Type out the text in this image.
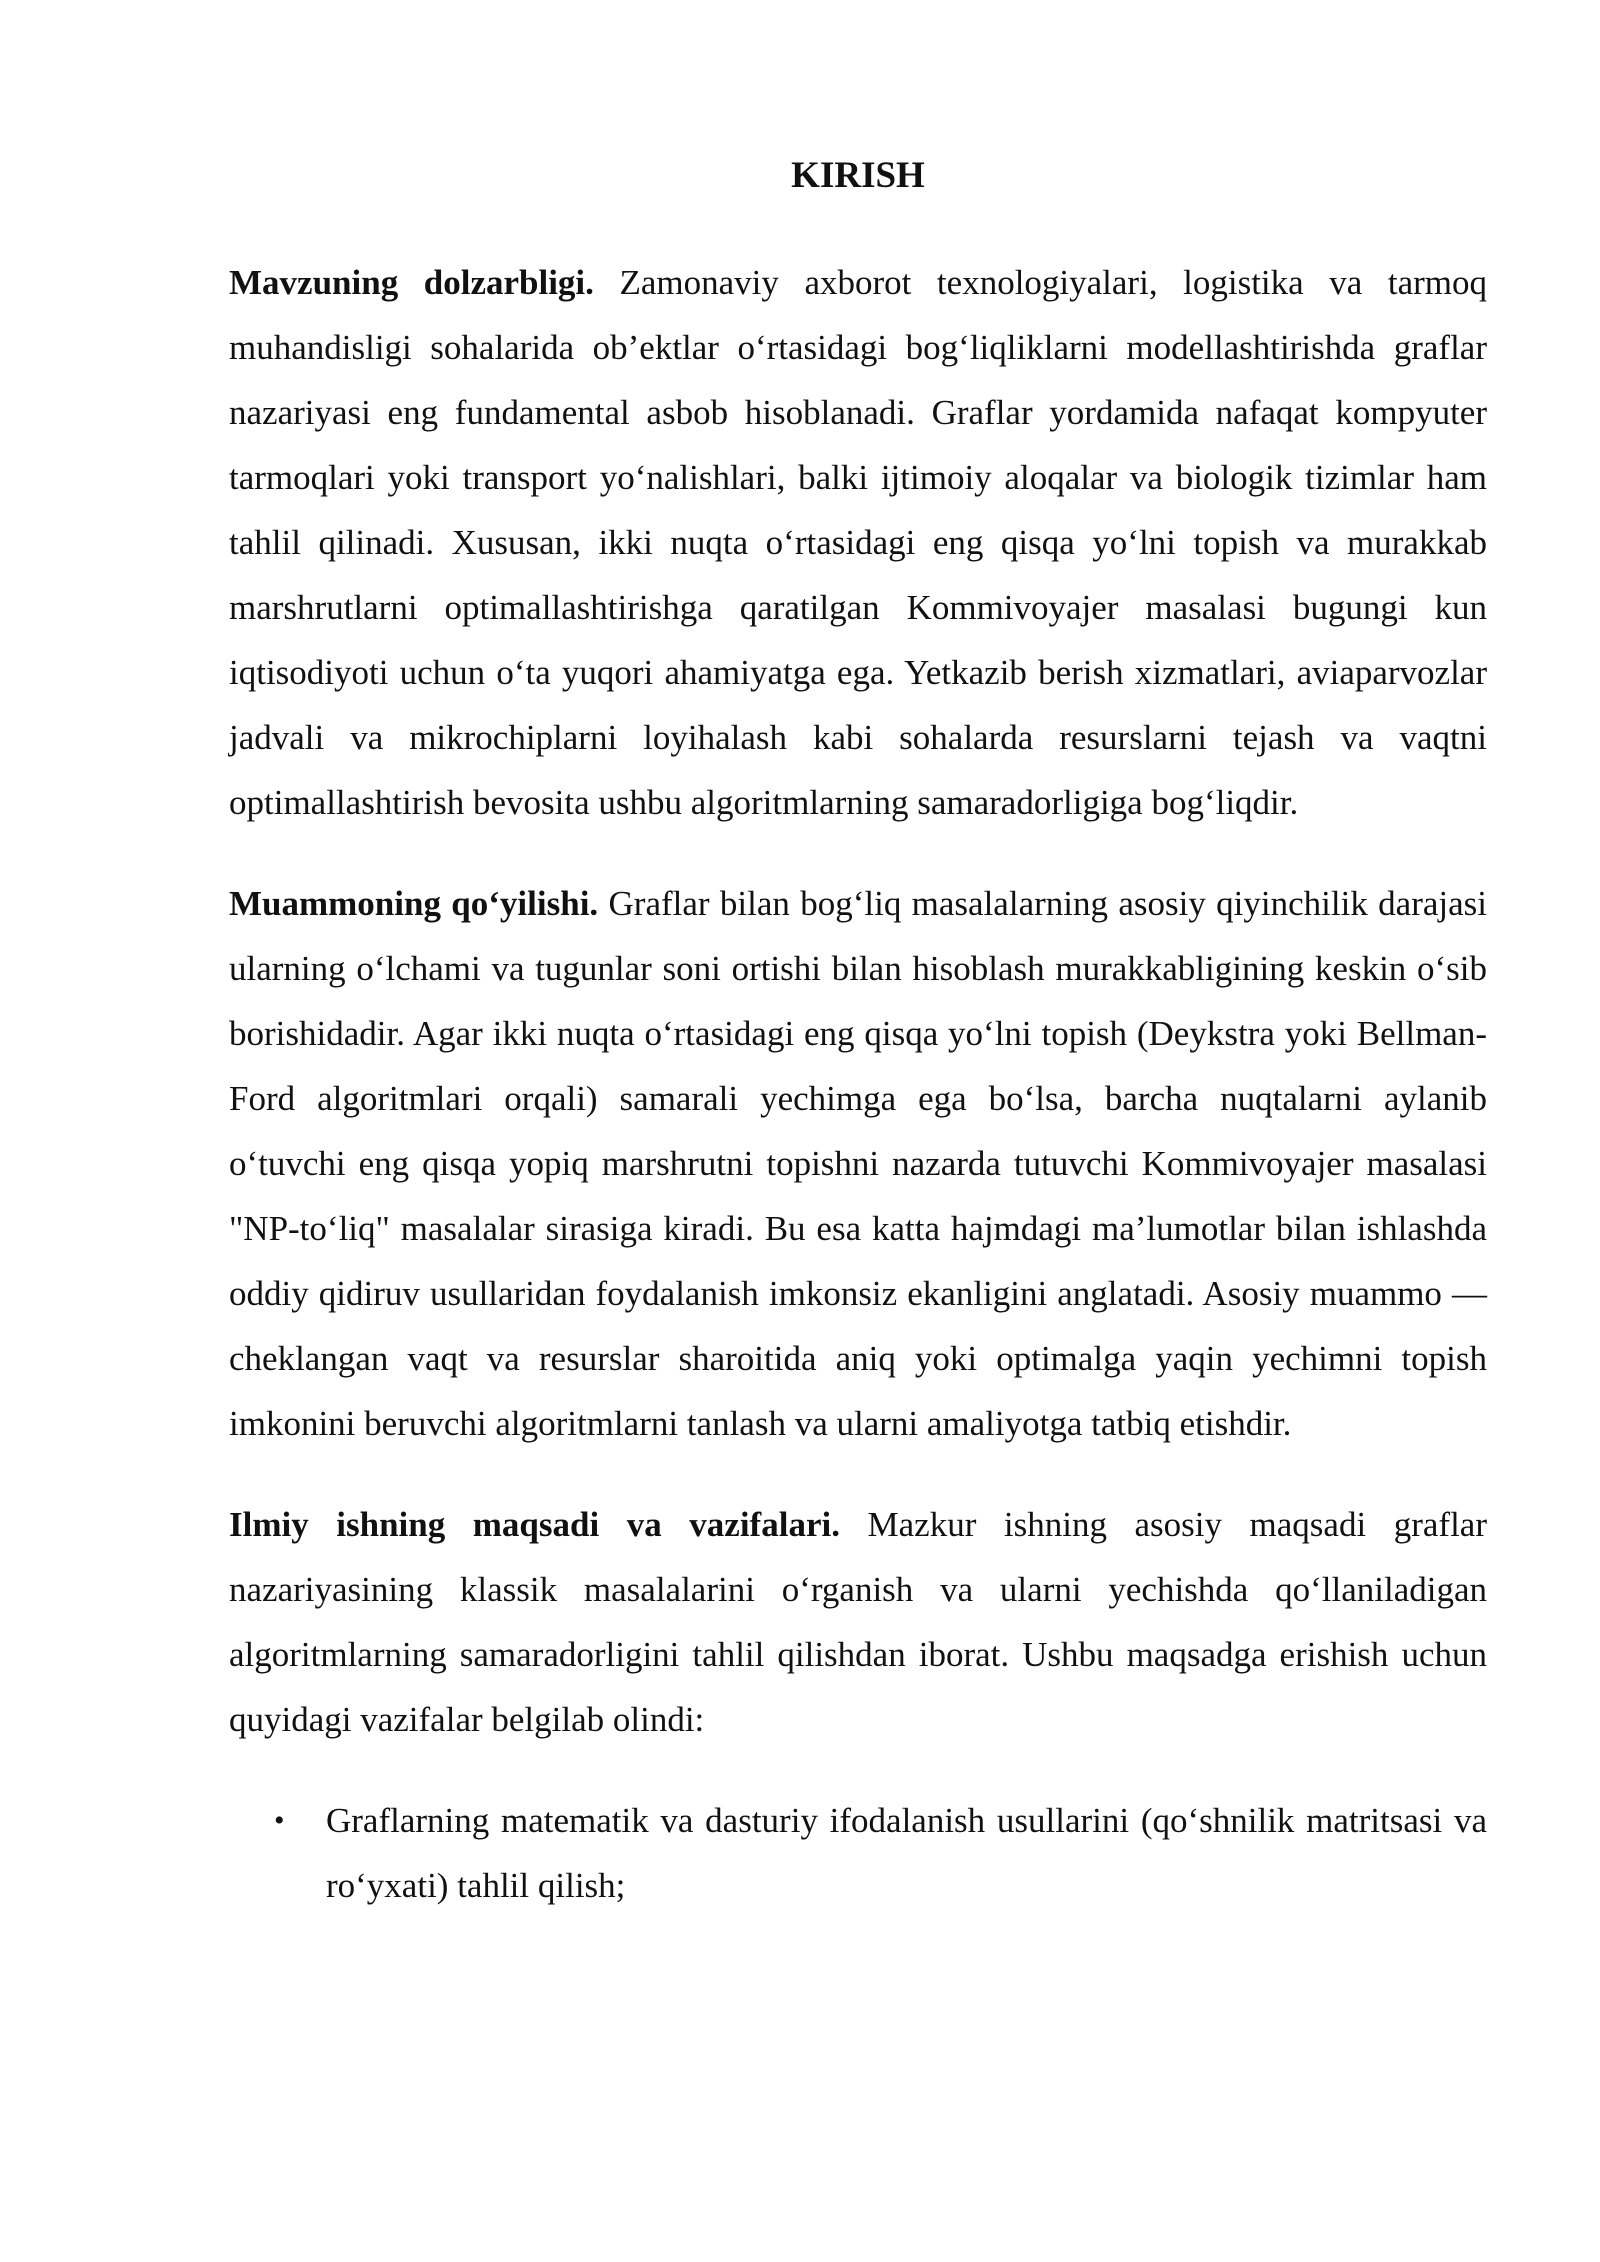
KIRISH

Mavzuning dolzarbligi. Zamonaviy axborot texnologiyalari, logistika va tarmoq muhandisligi sohalarida ob’ektlar o‘rtasidagi bog‘liqliklarni modellashtirishda graflar nazariyasi eng fundamental asbob hisoblanadi. Graflar yordamida nafaqat kompyuter tarmoqlari yoki transport yo‘nalishlari, balki ijtimoiy aloqalar va biologik tizimlar ham tahlil qilinadi. Xususan, ikki nuqta o‘rtasidagi eng qisqa yo‘lni topish va murakkab marshrutlarni optimallashtirishga qaratilgan Kommivoyajer masalasi bugungi kun iqtisodiyoti uchun o‘ta yuqori ahamiyatga ega. Yetkazib berish xizmatlari, aviaparvozlar jadvali va mikrochiplarni loyihalash kabi sohalarda resurslarni tejash va vaqtni optimallashtirish bevosita ushbu algoritmlarning samaradorligiga bog‘liqdir.

Muammoning qo‘yilishi. Graflar bilan bog‘liq masalalarning asosiy qiyinchilik darajasi ularning o‘lchami va tugunlar soni ortishi bilan hisoblash murakkabligining keskin o‘sib borishidadir. Agar ikki nuqta o‘rtasidagi eng qisqa yo‘lni topish (Deykstra yoki Bellman-Ford algoritmlari orqali) samarali yechimga ega bo‘lsa, barcha nuqtalarni aylanib o‘tuvchi eng qisqa yopiq marshrutni topishni nazarda tutuvchi Kommivoyajer masalasi "NP-to‘liq" masalalar sirasiga kiradi. Bu esa katta hajmdagi ma’lumotlar bilan ishlashda oddiy qidiruv usullaridan foydalanish imkonsiz ekanligini anglatadi. Asosiy muammo — cheklangan vaqt va resurslar sharoitida aniq yoki optimalga yaqin yechimni topish imkonini beruvchi algoritmlarni tanlash va ularni amaliyotga tatbiq etishdir.

Ilmiy ishning maqsadi va vazifalari. Mazkur ishning asosiy maqsadi graflar nazariyasining klassik masalalarini o‘rganish va ularni yechishda qo‘llaniladigan algoritmlarning samaradorligini tahlil qilishdan iborat. Ushbu maqsadga erishish uchun quyidagi vazifalar belgilab olindi:

• Graflarning matematik va dasturiy ifodalanish usullarini (qo‘shnilik matritsasi va ro‘yxati) tahlil qilish;
